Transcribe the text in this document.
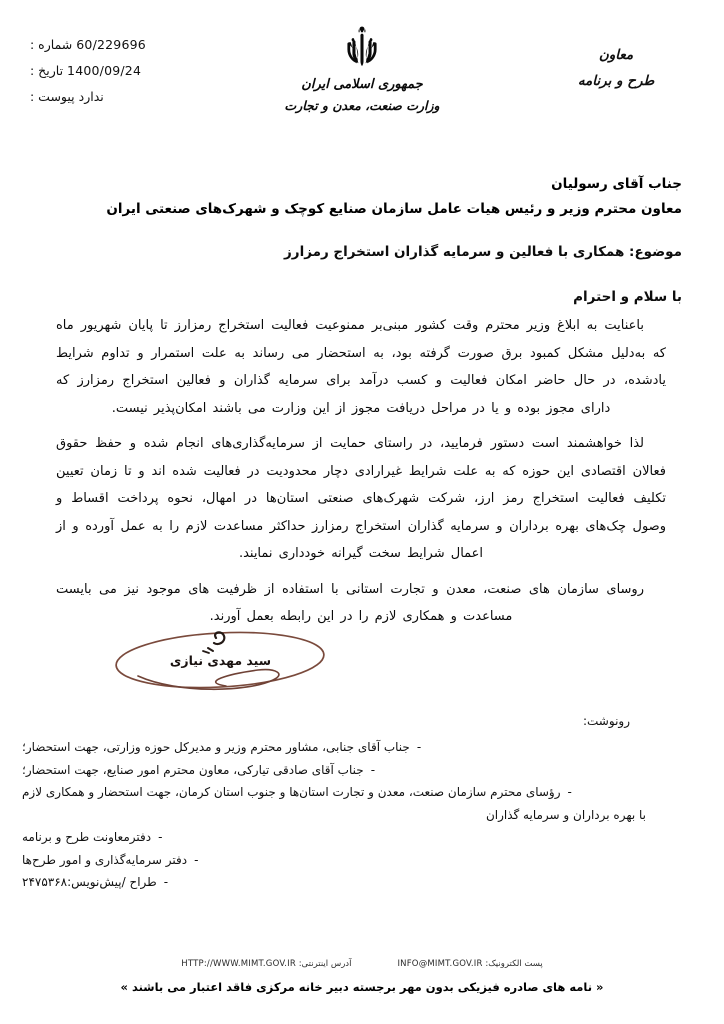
60/229696 شماره :
1400/09/24 تاریخ :
ندارد پیوست :
جمهوری اسلامی ایران
وزارت صنعت، معدن و تجارت
معاون
طرح و برنامه
جناب آقای رسولیان
معاون محترم وزیر و رئیس هیات عامل سازمان صنایع کوچک و شهرک‌های صنعتی ایران
موضوع: همکاری با فعالین و سرمایه گذاران استخراج رمزارز
با سلام و احترام

باعنایت به ابلاغ وزیر محترم وقت کشور مبنی‌بر ممنوعیت فعالیت استخراج رمزارز تا پایان شهریور ماه که بەدلیل مشکل کمبود برق صورت گرفته بود، به استحضار می رساند به علت استمرار و تداوم شرایط یادشده، در حال حاضر امکان فعالیت و کسب درآمد برای سرمایه گذاران و فعالین استخراج رمزارز که دارای مجوز بوده و یا در مراحل دریافت مجوز از این وزارت می باشند امکان‌پذیر نیست.

لذا خواهشمند است دستور فرمایید، در راستای حمایت از سرمایه‌گذاری‌های انجام شده و حفظ حقوق فعالان اقتصادی این حوزه که به علت شرایط غیرارادی دچار محدودیت در فعالیت شده اند و تا زمان تعیین تکلیف فعالیت استخراج رمز ارز، شرکت شهرک‌های صنعتی استان‌ها در امهال، نحوه پرداخت اقساط و وصول چک‌های بهره برداران و سرمایه گذاران استخراج رمزارز حداکثر مساعدت لازم را به عمل آورده و از اعمال شرایط سخت گیرانه خودداری نمایند.

روسای سازمان های صنعت، معدن و تجارت استانی با استفاده از ظرفیت های موجود نیز می بایست مساعدت و همکاری لازم را در این رابطه بعمل آورند.

سید مهدی نیازی
رونوشت:
-
جناب آقای جنابی، مشاور محترم وزیر و مدیرکل حوزه وزارتی، جهت استحضار؛
-
جناب آقای صادقی تیارکی، معاون محترم امور صنایع، جهت استحضار؛
-
رؤسای محترم سازمان صنعت، معدن و تجارت استان‌ها و جنوب استان کرمان، جهت استحضار و همکاری لازم
با بهره برداران و سرمایه گذاران
-
دفترمعاونت طرح و برنامه
-
دفتر سرمایه‌گذاری و امور طرح‌ها
-
طراح /پیش‌نویس:۲۴۷۵۳۶۸
پست الکترونیک: INFO@MIMT.GOV.IR
آدرس اینترنتی: HTTP://WWW.MIMT.GOV.IR
« نامه های صادره فیزیکی بدون مهر برجسته دبیر خانه مرکزی فاقد اعتبار می باشند »
